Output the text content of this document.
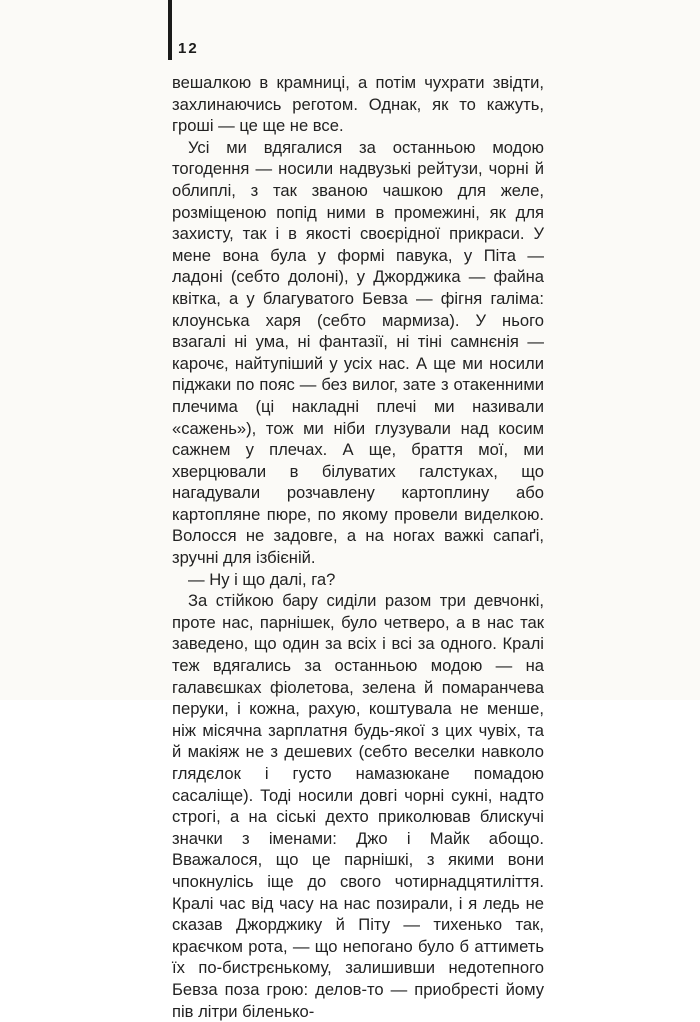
12

вешалкою в крамниці, а потім чухрати звідти, захлинаючись реготом. Однак, як то кажуть, гроші — це ще не все.

Усі ми вдягалися за останньою модою тогодення — носили надвузькі рейтузи, чорні й облиплі, з так званою чашкою для желе, розміщеною попід ними в промежині, як для захисту, так і в якості своєрідної прикраси. У мене вона була у формі павука, у Піта — ладоні (себто долоні), у Джорджика — файна квітка, а у благуватого Бевза — фігня галіма: клоунська харя (себто мармиза). У нього взагалі ні ума, ні фантазії, ні тіні самнєнія — карочє, найтупіший у усіх нас. А ще ми носили піджаки по пояс — без вилог, зате з отакенними плечима (ці накладні плечі ми називали «сажень»), тож ми ніби глузували над косим сажнем у плечах. А ще, браття мої, ми хверцювали в білуватих галстуках, що нагадували розчавлену картоплину або картопляне пюре, по якому провели виделкою. Волосся не задовге, а на ногах важкі сапаґі, зручні для ізбієній.

— Ну і що далі, га?

За стійкою бару сиділи разом три девчонкі, проте нас, парнішек, було четверо, а в нас так заведено, що один за всіх і всі за одного. Кралі теж вдягались за останньою модою — на галавєшках фіолетова, зелена й помаранчева перуки, і кожна, рахую, коштувала не менше, ніж місячна зарплатня будь-якої з цих чувіх, та й макіяж не з дешевих (себто веселки навколо глядєлок і густо намазюкане помадою сасаліще). Тоді носили довгі чорні сукні, надто строгі, а на сіські дехто приколював блискучі значки з іменами: Джо і Майк абощо. Вважалося, що це парнішкі, з якими вони чпокнулісь іще до свого чотирнадцятиліття. Кралі час від часу на нас позирали, і я ледь не сказав Джорджику й Піту — тихенько так, краєчком рота, — що непогано було б аттиметь їх по-бистрєнькому, залишивши недотепного Бевза поза грою: делов-то — приобресті йому пів літри біленько-
